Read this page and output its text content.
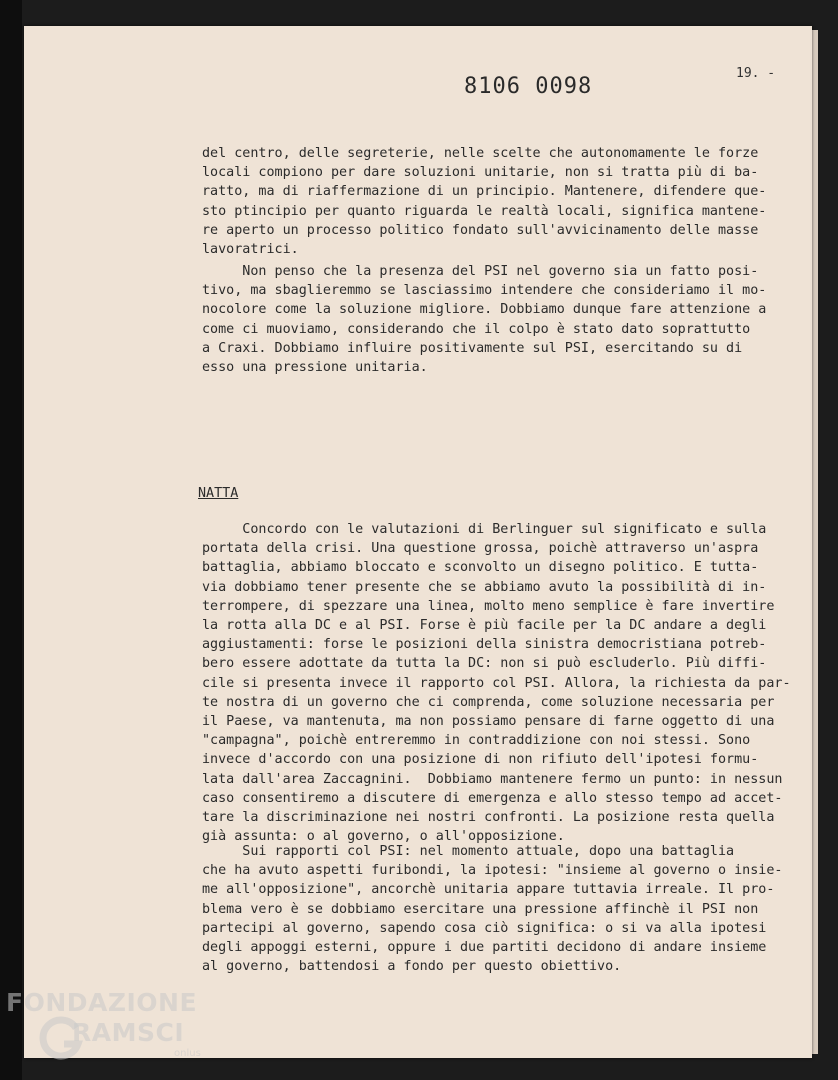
8106 0098
19. -
del centro, delle segreterie, nelle scelte che autonomamente le forze
locali compiono per dare soluzioni unitarie, non si tratta più di ba-
ratto, ma di riaffermazione di un principio. Mantenere, difendere que-
sto ptincipio per quanto riguarda le realtà locali, significa mantene-
re aperto un processo politico fondato sull'avvicinamento delle masse
lavoratrici.
Non penso che la presenza del PSI nel governo sia un fatto posi-
tivo, ma sbaglieremmo se lasciassimo intendere che consideriamo il mo-
nocolore come la soluzione migliore. Dobbiamo dunque fare attenzione a
come ci muoviamo, considerando che il colpo è stato dato soprattutto
a Craxi. Dobbiamo influire positivamente sul PSI, esercitando su di
esso una pressione unitaria.
NATTA
Concordo con le valutazioni di Berlinguer sul significato e sulla
portata della crisi. Una questione grossa, poichè attraverso un'aspra
battaglia, abbiamo bloccato e sconvolto un disegno politico. E tutta-
via dobbiamo tener presente che se abbiamo avuto la possibilità di in-
terrompere, di spezzare una linea, molto meno semplice è fare invertire
la rotta alla DC e al PSI. Forse è più facile per la DC andare a degli
aggiustamenti: forse le posizioni della sinistra democristiana potreb-
bero essere adottate da tutta la DC: non si può escluderlo. Più diffi-
cile si presenta invece il rapporto col PSI. Allora, la richiesta da par-
te nostra di un governo che ci comprenda, come soluzione necessaria per
il Paese, va mantenuta, ma non possiamo pensare di farne oggetto di una
"campagna", poichè entreremmo in contraddizione con noi stessi. Sono
invece d'accordo con una posizione di non rifiuto dell'ipotesi formu-
lata dall'area Zaccagnini.  Dobbiamo mantenere fermo un punto: in nessun
caso consentiremo a discutere di emergenza e allo stesso tempo ad accet-
tare la discriminazione nei nostri confronti. La posizione resta quella
già assunta: o al governo, o all'opposizione.
Sui rapporti col PSI: nel momento attuale, dopo una battaglia
che ha avuto aspetti furibondi, la ipotesi: "insieme al governo o insie-
me all'opposizione", ancorchè unitaria appare tuttavia irreale. Il pro-
blema vero è se dobbiamo esercitare una pressione affinchè il PSI non
partecipi al governo, sapendo cosa ciò significa: o si va alla ipotesi
degli appoggi esterni, oppure i due partiti decidono di andare insieme
al governo, battendosi a fondo per questo obiettivo.
FONDAZIONE
RAMSCI
onlus
